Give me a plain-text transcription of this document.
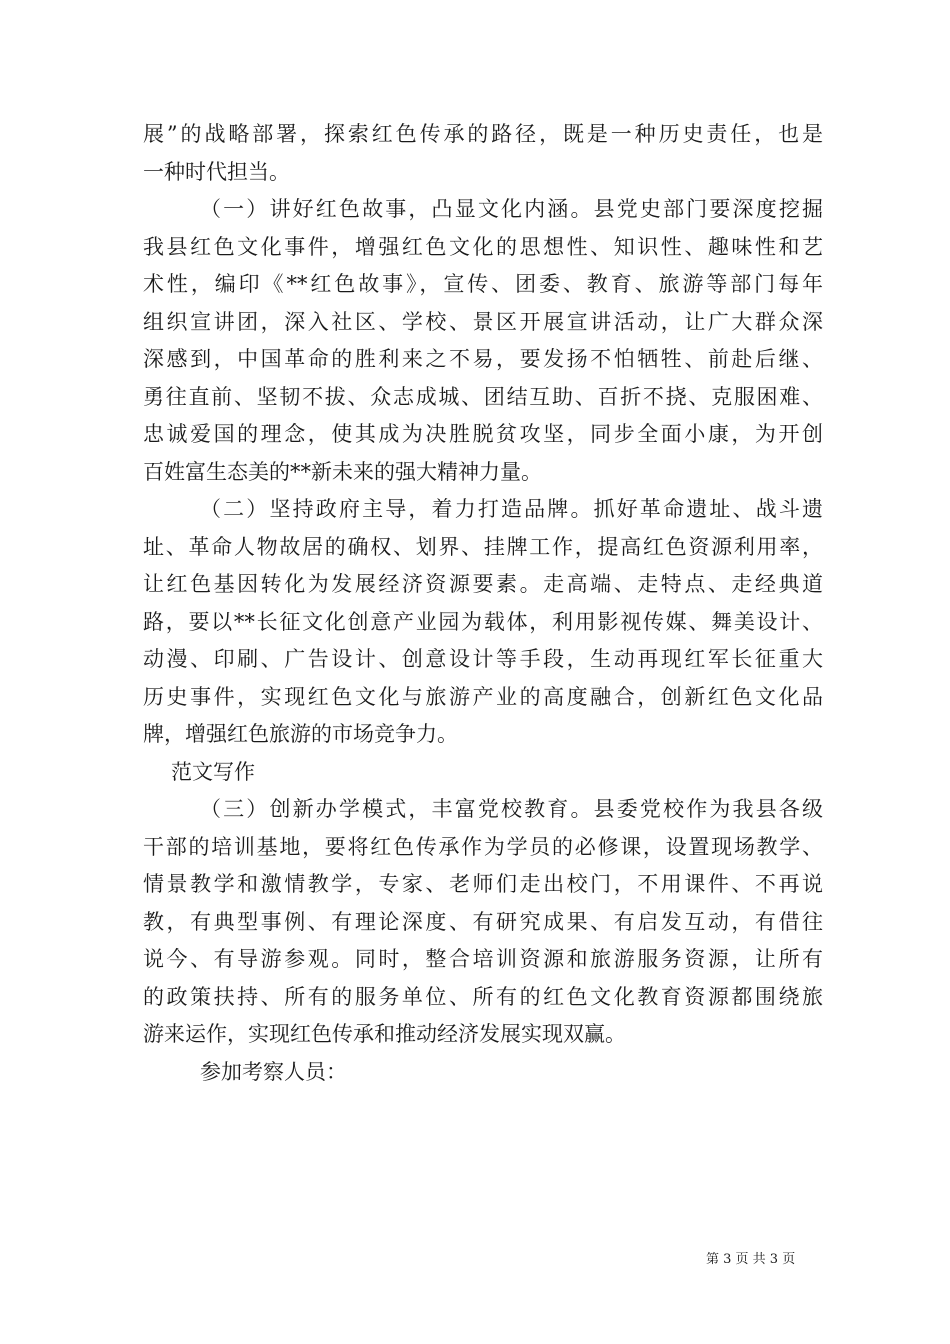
展”的战略部署，探索红色传承的路径，既是一种历史责任，也是
一种时代担当。
（一）讲好红色故事，凸显文化内涵。县党史部门要深度挖掘
我县红色文化事件，增强红色文化的思想性、知识性、趣味性和艺
术性，编印《**红色故事》，宣传、团委、教育、旅游等部门每年
组织宣讲团，深入社区、学校、景区开展宣讲活动，让广大群众深
深感到，中国革命的胜利来之不易，要发扬不怕牺牲、前赴后继、
勇往直前、坚韧不拔、众志成城、团结互助、百折不挠、克服困难、
忠诚爱国的理念，使其成为决胜脱贫攻坚，同步全面小康，为开创
百姓富生态美的**新未来的强大精神力量。
（二）坚持政府主导，着力打造品牌。抓好革命遗址、战斗遗
址、革命人物故居的确权、划界、挂牌工作，提高红色资源利用率，
让红色基因转化为发展经济资源要素。走高端、走特点、走经典道
路，要以**长征文化创意产业园为载体，利用影视传媒、舞美设计、
动漫、印刷、广告设计、创意设计等手段，生动再现红军长征重大
历史事件，实现红色文化与旅游产业的高度融合，创新红色文化品
牌，增强红色旅游的市场竞争力。
范文写作
（三）创新办学模式，丰富党校教育。县委党校作为我县各级
干部的培训基地，要将红色传承作为学员的必修课，设置现场教学、
情景教学和激情教学，专家、老师们走出校门，不用课件、不再说
教，有典型事例、有理论深度、有研究成果、有启发互动，有借往
说今、有导游参观。同时，整合培训资源和旅游服务资源，让所有
的政策扶持、所有的服务单位、所有的红色文化教育资源都围绕旅
游来运作，实现红色传承和推动经济发展实现双赢。
参加考察人员：
第 3 页 共 3 页
